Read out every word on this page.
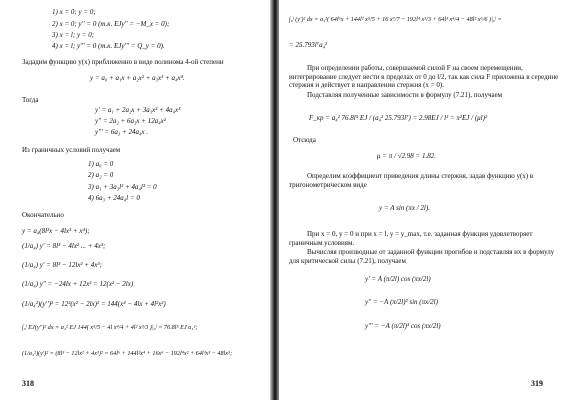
1) x = 0; y = 0;
2) x = 0; y'' = 0 (т.к. EJy'' = −M_x = 0);
3) x = l; y = 0;
4) x = l; y''' = 0 (т.к. EJy''' = Q_y = 0).
Зададим функцию y(x) приближенно в виде полинома 4-ой степени
y = a₀ + a₁x + a₂x² + a₃x³ + a₄x⁴.
Тогда
y' = a₁ + 2a₂x + 3a₃x² + 4a₄x³
y'' = 2a₂ + 6a₃x + 12a₄x²
y''' = 6a₃ + 24a₄x .
Из граничных условий получаем
1) a₀ = 0
2) a₂ = 0
3) a₁ + 3a₃l² + 4a₄l³ = 0
4) 6a₃ + 24a₄l = 0
Окончательно
y = a₄(8l³x − 4lx³ + x⁴);
(1/a₄) y' = 8l³ − 4lx² ... + 4x³;
(1/a₄) y' = 8l³ − 12lx² + 4x³;
(1/a₄) y'' = −24lx + 12x² = 12(x² − 2lx)
(1/a₄²)(y'')² = 12²(x² − 2lx)² = 144(x⁴ − 4lx + 4l²x²)
∫₀ˡ EJ(y'')² dx = a₄² EJ 144( x⁵/5 − 4l x⁴/4 + 4l² x³/3 )|₀ˡ = 76.8l⁵ EJ a₄²;
(1/a₄²)(y')² = (8l³ − 12lx² + 4x³)² = 64l⁶ + 144l²x⁴ + 16x⁶ − 192l⁴x² + 64l³x³ − 48lx⁵;
318
∫₀ˡ (y')² dx = a₄²( 64l⁶x + 144l² x⁵/5 + 16 x⁷/7 − 192l⁴ x³/3 + 64l³ x⁴/4 − 48l² x⁶/6 )|₀ˡ =
= 25.793l⁷a₄²
При определении работы, совершаемой силой F на своем перемещении, интегрирование следует вести в пределах от 0 до l/2, так как сила F приложена в середине стержня и действует в направлении стержня (x = 0).
Подставляя полученные зависимости в формулу (7.21), получаем
F_кр = a₄² 76.8l⁵ EJ / (a₄² 25.793l⁷) = 2.98EJ / l² = π²EJ / (μl)²
Отсюда
μ = π / √2.98 = 1.82.
Определим коэффициент приведения длины стержня, задав функцию y(x) в тригонометрическом виде
y = A sin (πx / 2l).
При x = 0, y = 0 и при x = l, y = y_max, т.е. заданная функция удовлетворяет граничным условиям.
Вычисляя производные от заданной функции прогибов и подставляя их в формулу для критической силы (7.21), получаем
y' = A (π/2l) cos (πx/2l)
y'' = −A (π/2l)² sin (πx/2l)
y''' = −A (π/2l)³ cos (πx/2l)
319
